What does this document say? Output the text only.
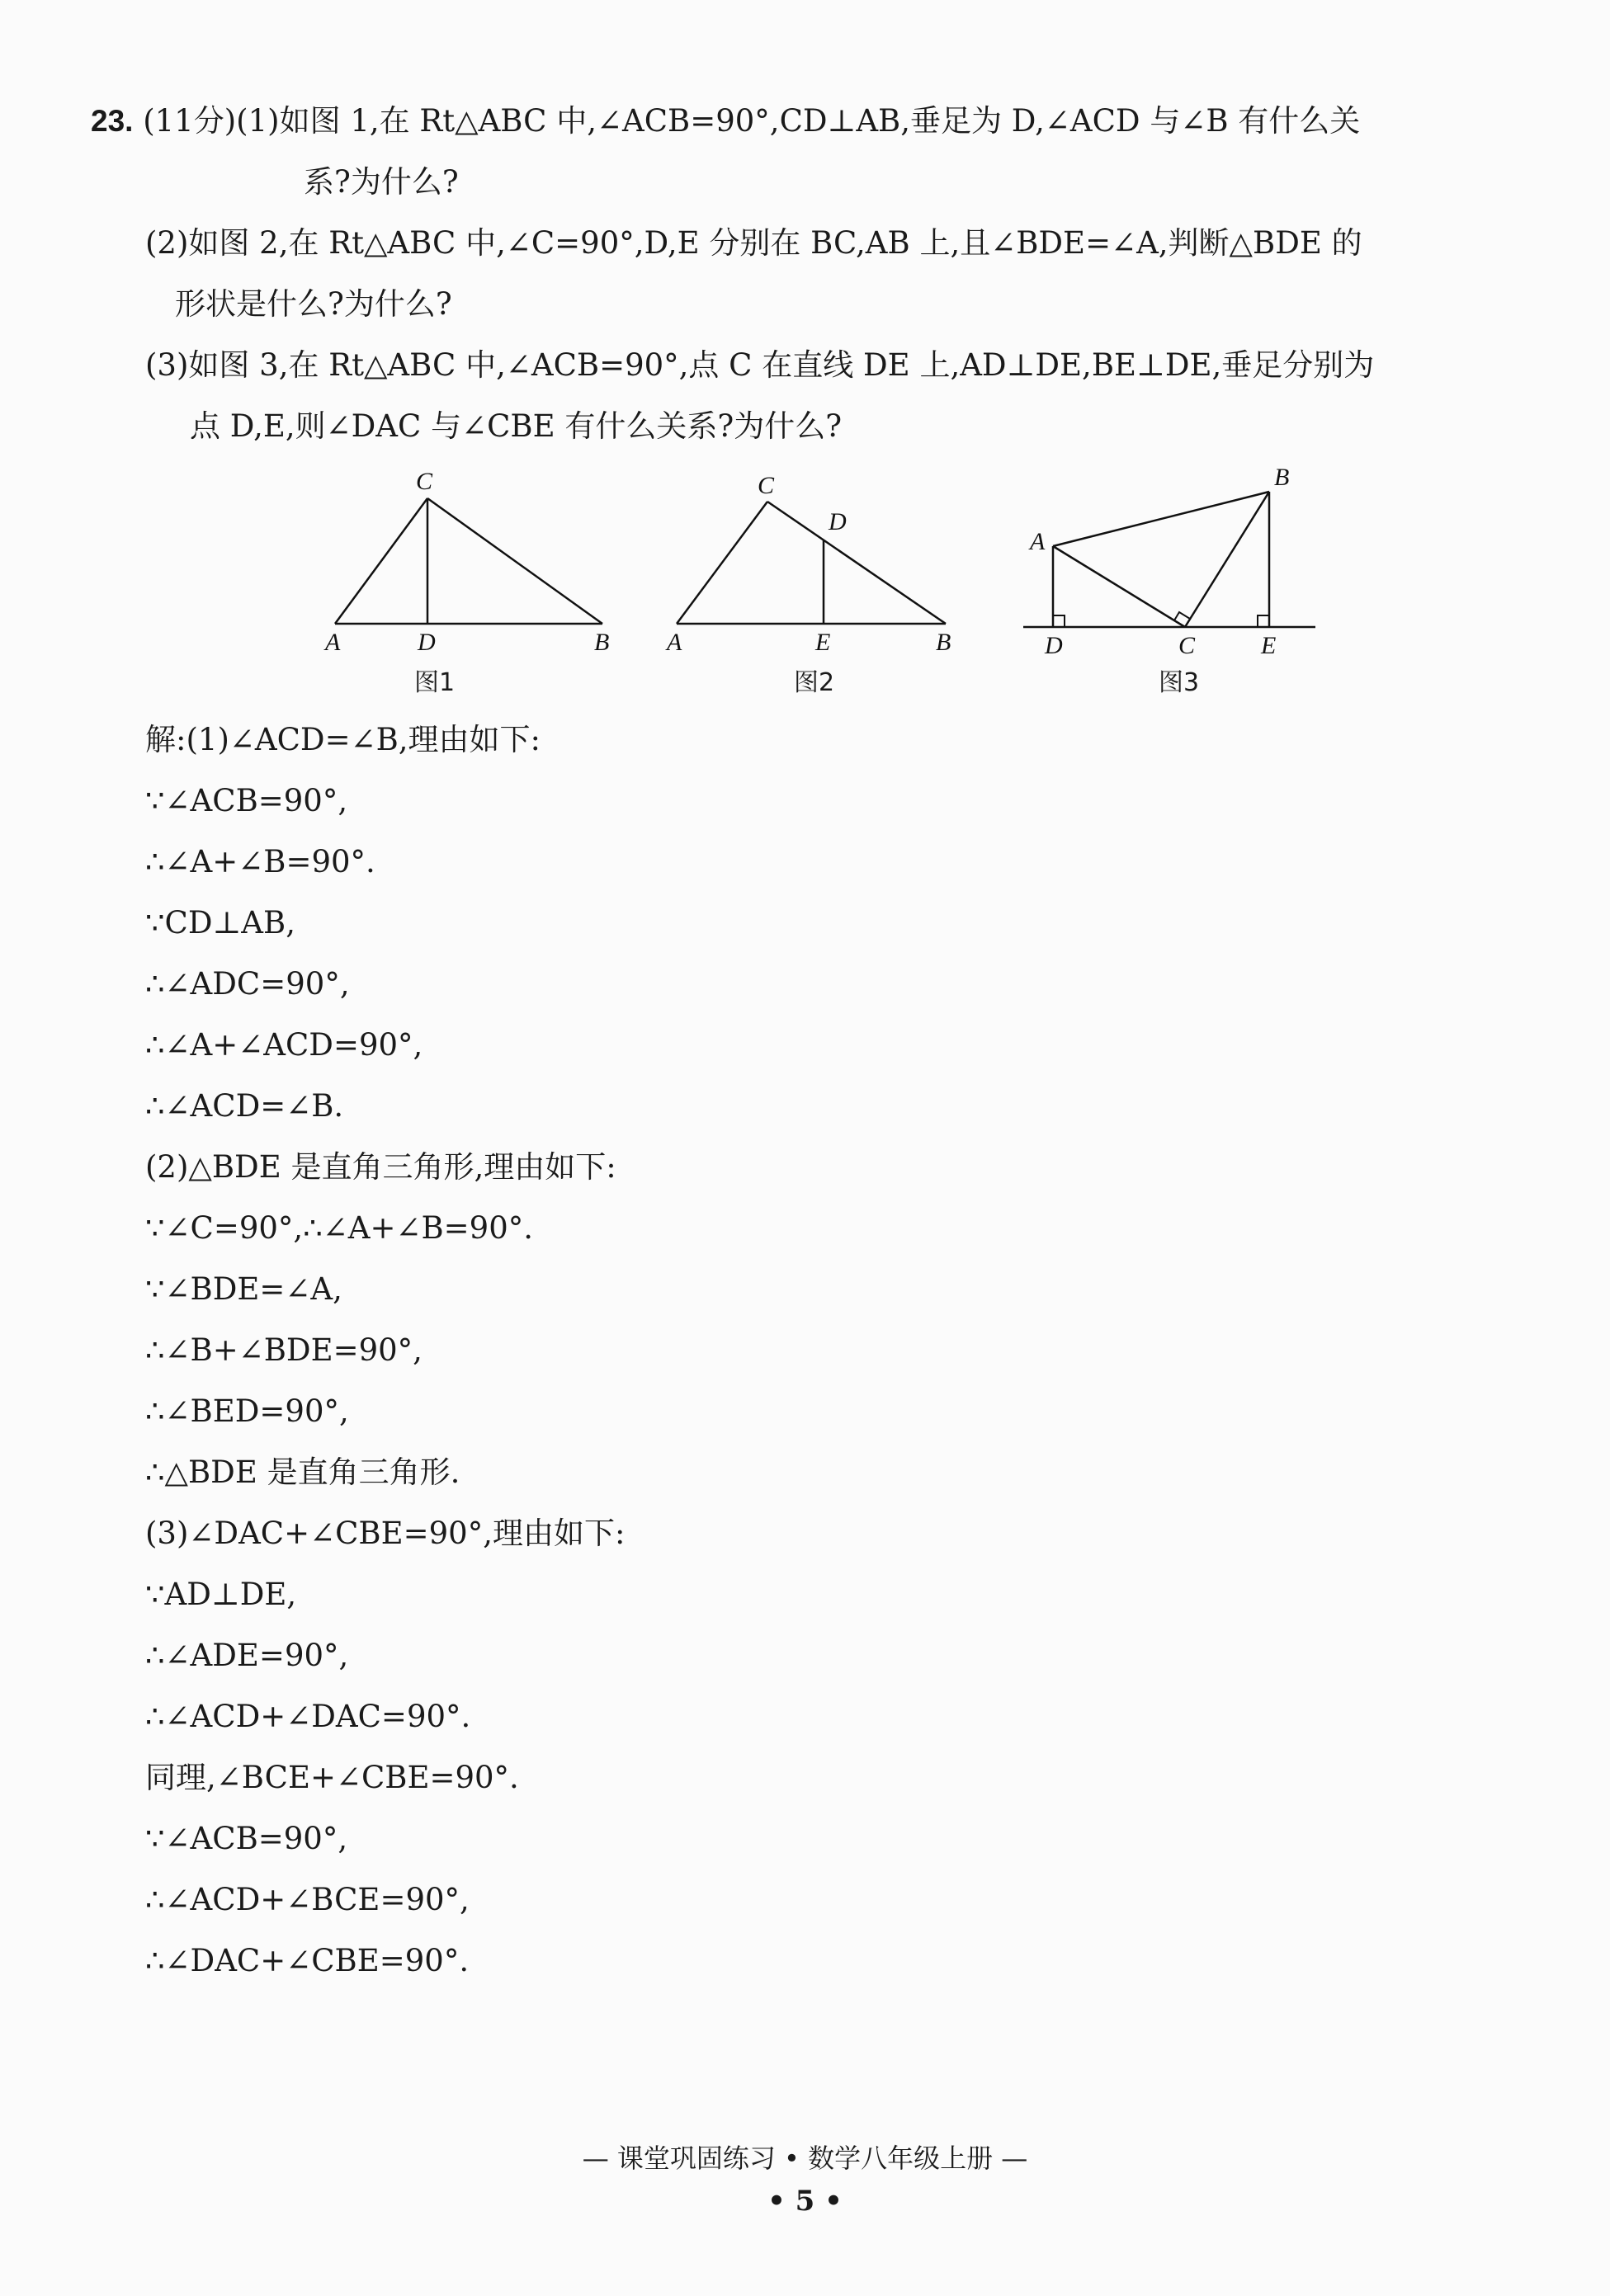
23. (11分)(1)如图 1,在 Rt△ABC 中,∠ACB=90°,CD⊥AB,垂足为 D,∠ACD 与∠B 有什么关
系?为什么?
(2)如图 2,在 Rt△ABC 中,∠C=90°,D,E 分别在 BC,AB 上,且∠BDE=∠A,判断△BDE 的
形状是什么?为什么?
(3)如图 3,在 Rt△ABC 中,∠ACB=90°,点 C 在直线 DE 上,AD⊥DE,BE⊥DE,垂足分别为
点 D,E,则∠DAC 与∠CBE 有什么关系?为什么?
C
A	D	B
图1
C
D
A	E	B
图2
B
A
D	C	E
图3
解:(1)∠ACD=∠B,理由如下:
∵∠ACB=90°,
∴∠A+∠B=90°.
∵CD⊥AB,
∴∠ADC=90°,
∴∠A+∠ACD=90°,
∴∠ACD=∠B.
(2)△BDE 是直角三角形,理由如下:
∵∠C=90°,∴∠A+∠B=90°.
∵∠BDE=∠A,
∴∠B+∠BDE=90°,
∴∠BED=90°,
∴△BDE 是直角三角形.
(3)∠DAC+∠CBE=90°,理由如下:
∵AD⊥DE,
∴∠ADE=90°,
∴∠ACD+∠DAC=90°.
同理,∠BCE+∠CBE=90°.
∵∠ACB=90°,
∴∠ACD+∠BCE=90°,
∴∠DAC+∠CBE=90°.
— 课堂巩固练习 • 数学八年级上册 —
• 5 •
